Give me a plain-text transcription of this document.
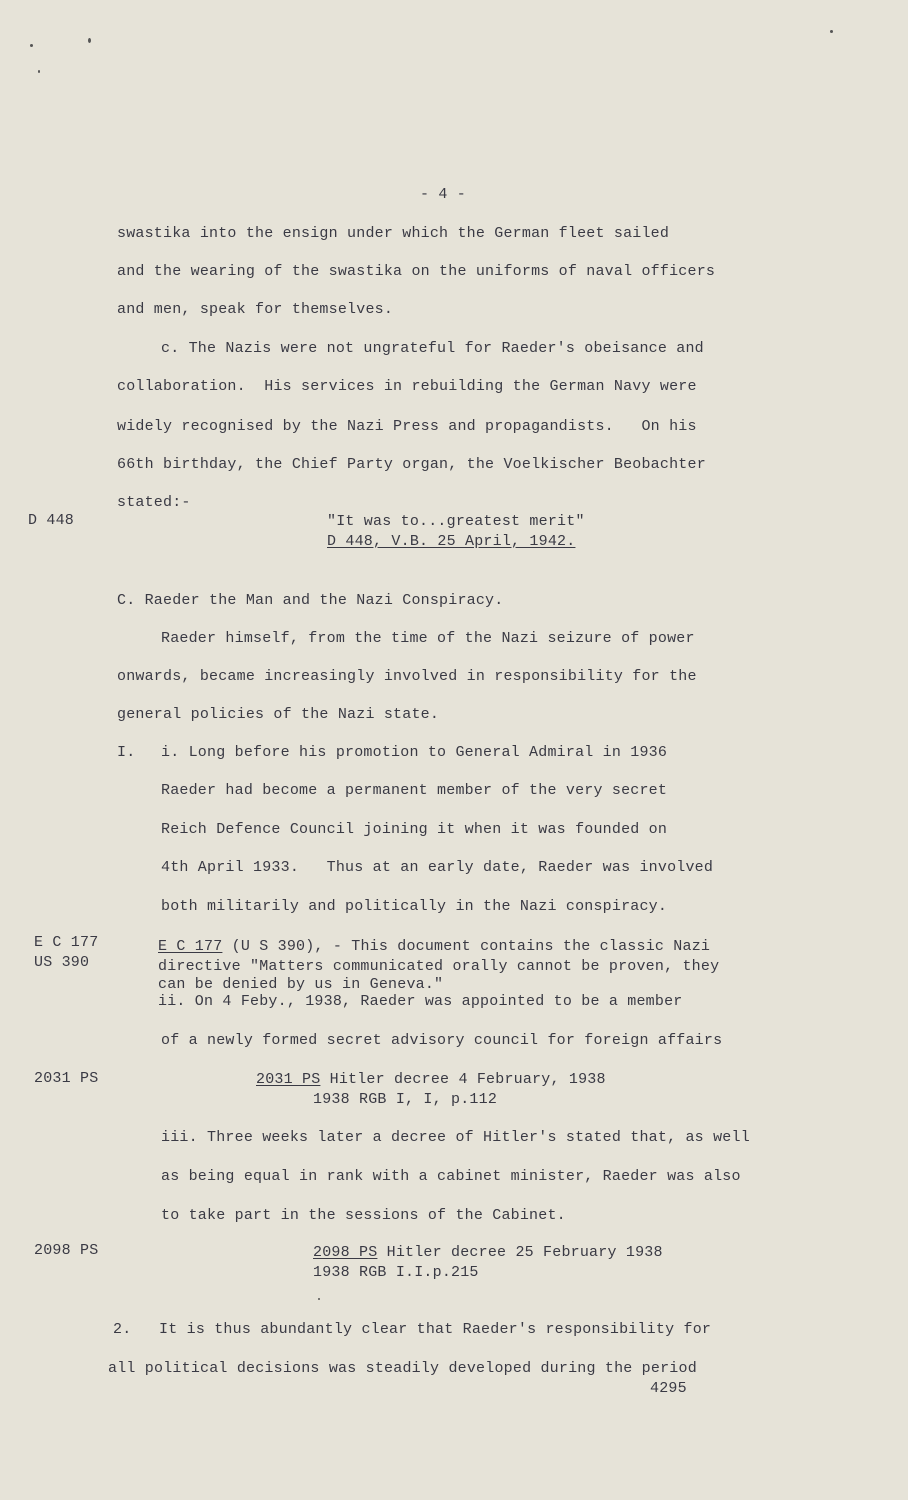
- 4 -
swastika into the ensign under which the German fleet sailed
and the wearing of the swastika on the uniforms of naval officers
and men, speak for themselves.
c. The Nazis were not ungrateful for Raeder's obeisance and
collaboration.  His services in rebuilding the German Navy were
widely recognised by the Nazi Press and propagandists.   On his
66th birthday, the Chief Party organ, the Voelkischer Beobachter
stated:-
D 448	"It was to...greatest merit"
D 448, V.B. 25 April, 1942.
C. Raeder the Man and the Nazi Conspiracy.
Raeder himself, from the time of the Nazi seizure of power
onwards, became increasingly involved in responsibility for the
general policies of the Nazi state.
I. i. Long before his promotion to General Admiral in 1936
Raeder had become a permanent member of the very secret
Reich Defence Council joining it when it was founded on
4th April 1933.   Thus at an early date, Raeder was involved
both militarily and politically in the Nazi conspiracy.
E C 177
US 390
E C 177 (U S 390), - This document contains the classic Nazi
directive "Matters communicated orally cannot be proven, they
can be denied by us in Geneva."
ii. On 4 Feby., 1938, Raeder was appointed to be a member
of a newly formed secret advisory council for foreign affairs
2031 PS	2031 PS Hitler decree 4 February, 1938
1938 RGB I, I, p.112
iii. Three weeks later a decree of Hitler's stated that, as well
as being equal in rank with a cabinet minister, Raeder was also
to take part in the sessions of the Cabinet.
2098 PS	2098 PS Hitler decree 25 February 1938
1938 RGB I.I.p.215
2.   It is thus abundantly clear that Raeder's responsibility for
all political decisions was steadily developed during the period
4295
